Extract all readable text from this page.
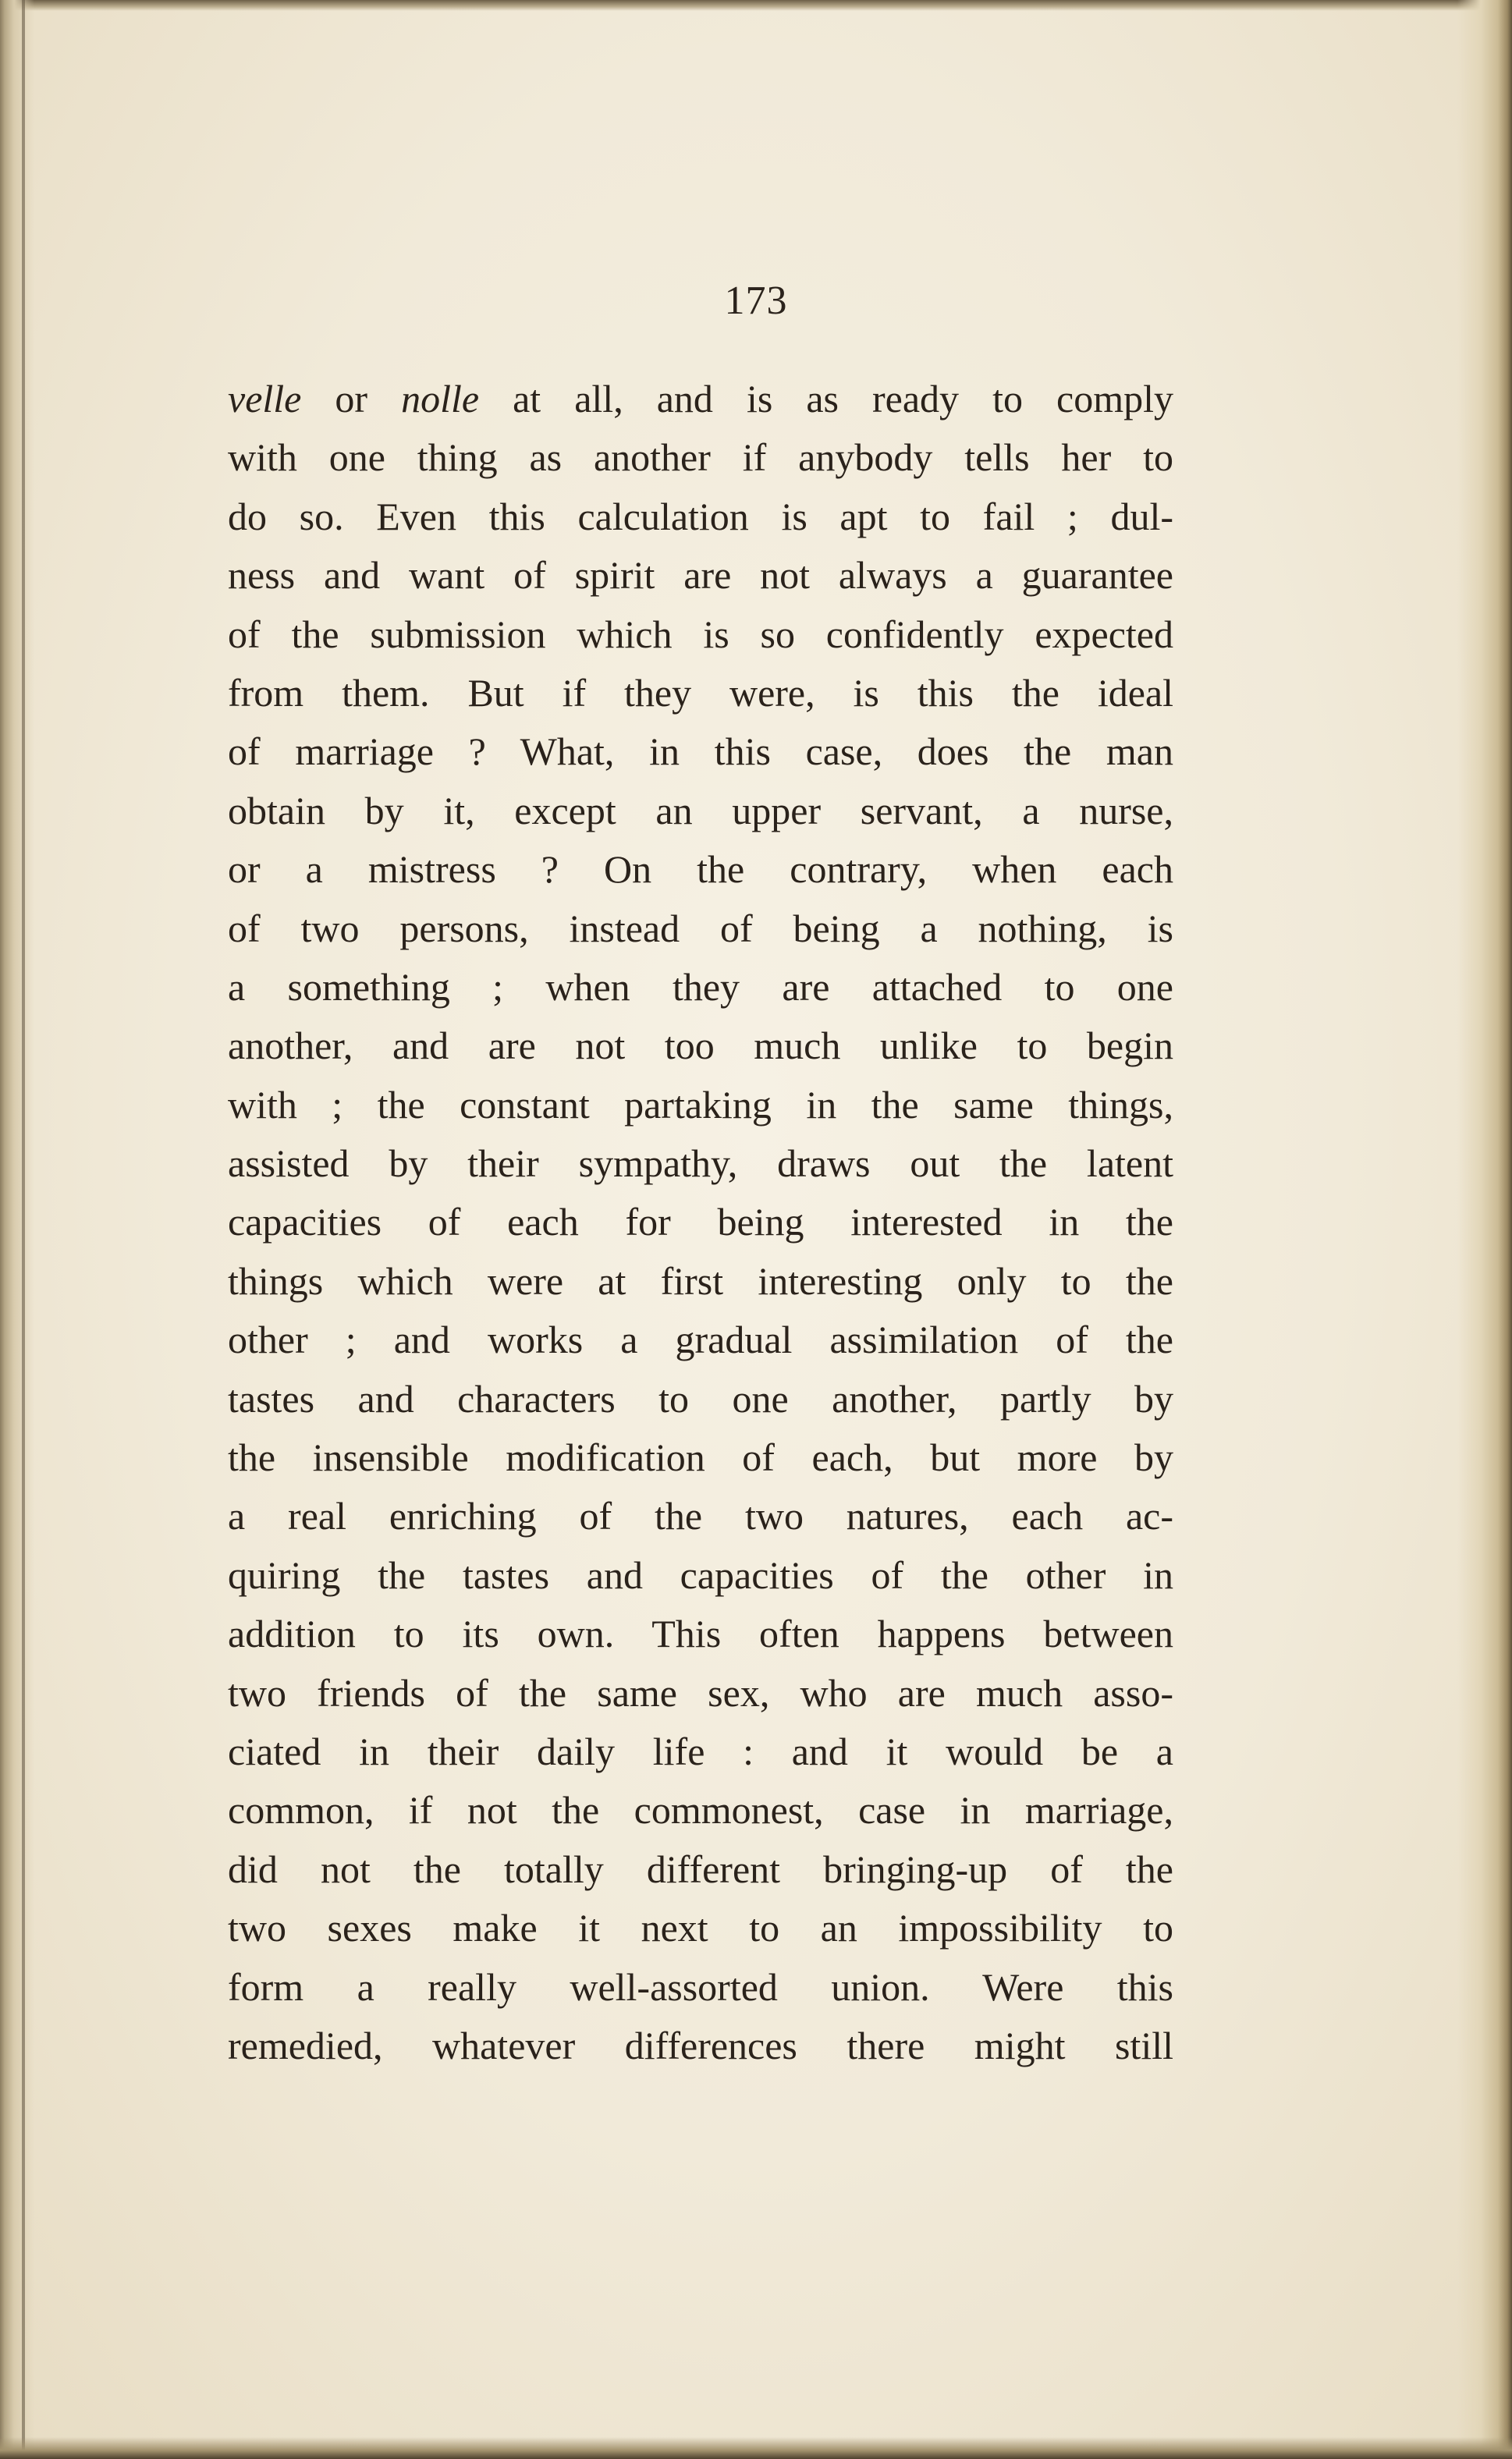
173
velle or nolle at all, and is as ready to comply
with one thing as another if anybody tells her to
do so. Even this calculation is apt to fail ; dul-
ness and want of spirit are not always a guarantee
of the submission which is so confidently expected
from them. But if they were, is this the ideal
of marriage ? What, in this case, does the man
obtain by it, except an upper servant, a nurse,
or a mistress ? On the contrary, when each
of two persons, instead of being a nothing, is
a something ; when they are attached to one
another, and are not too much unlike to begin
with ; the constant partaking in the same things,
assisted by their sympathy, draws out the latent
capacities of each for being interested in the
things which were at first interesting only to the
other ; and works a gradual assimilation of the
tastes and characters to one another, partly by
the insensible modification of each, but more by
a real enriching of the two natures, each ac-
quiring the tastes and capacities of the other in
addition to its own. This often happens between
two friends of the same sex, who are much asso-
ciated in their daily life : and it would be a
common, if not the commonest, case in marriage,
did not the totally different bringing-up of the
two sexes make it next to an impossibility to
form a really well-assorted union. Were this
remedied, whatever differences there might still
